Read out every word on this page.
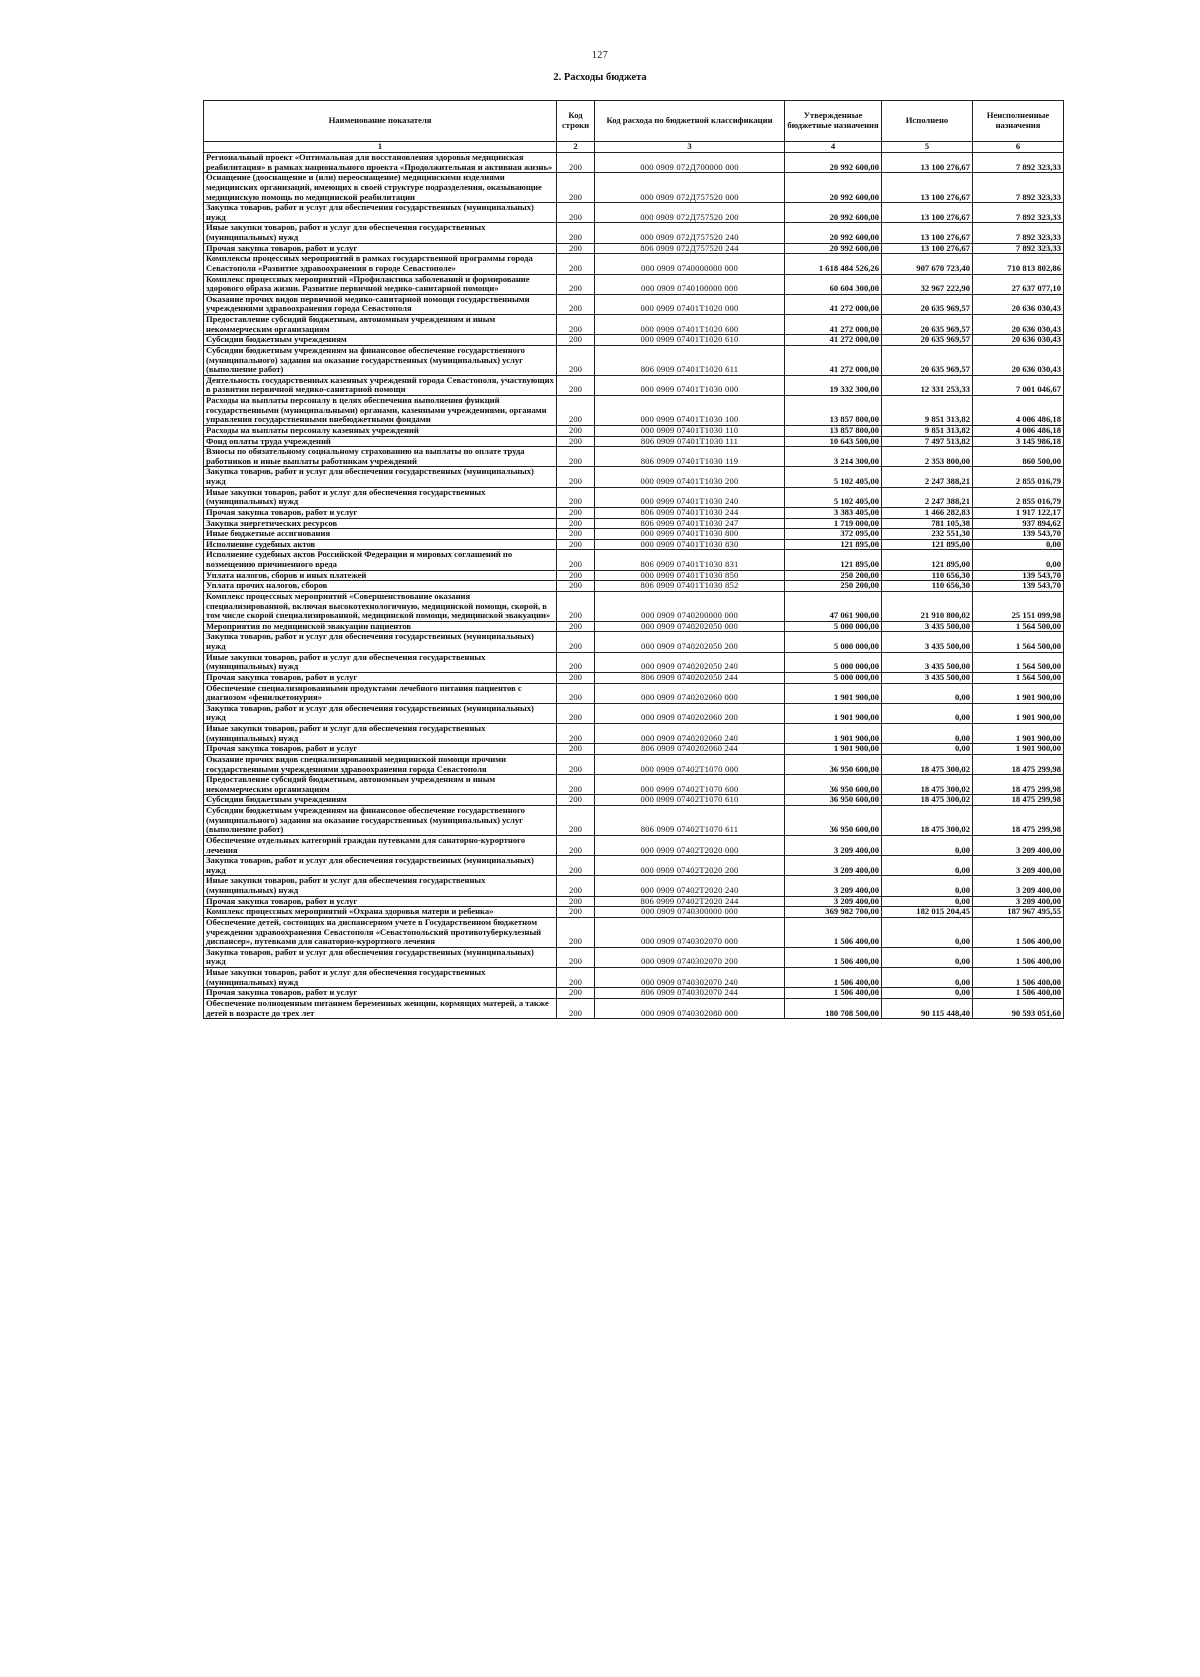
127
2. Расходы бюджета
Наименование показателя	Код строки	Код расхода по бюджетной классификации	Утвержденные бюджетные назначения	Исполнено	Неисполненные назначения
1	2	3	4	5	6
Региональный проект «Оптимальная для восстановления здоровья медицинская реабилитация» в рамках национального проекта «Продолжительная и активная жизнь»	200	000 0909 072Д700000 000	20 992 600,00	13 100 276,67	7 892 323,33
Оснащение (дооснащение и (или) переоснащение) медицинскими изделиями медицинских организаций, имеющих в своей структуре подразделения, оказывающие медицинскую помощь по медицинской реабилитации	200	000 0909 072Д757520 000	20 992 600,00	13 100 276,67	7 892 323,33
Закупка товаров, работ и услуг для обеспечения государственных (муниципальных) нужд	200	000 0909 072Д757520 200	20 992 600,00	13 100 276,67	7 892 323,33
Иные закупки товаров, работ и услуг для обеспечения государственных (муниципальных) нужд	200	000 0909 072Д757520 240	20 992 600,00	13 100 276,67	7 892 323,33
Прочая закупка товаров, работ и услуг	200	806 0909 072Д757520 244	20 992 600,00	13 100 276,67	7 892 323,33
Комплексы процессных мероприятий в рамках государственной программы города Севастополя «Развитие здравоохранения в городе Севастополе»	200	000 0909 0740000000 000	1 618 484 526,26	907 670 723,40	710 813 802,86
Комплекс процессных мероприятий «Профилактика заболеваний и формирование здорового образа жизни. Развитие первичной медико-санитарной помощи»	200	000 0909 0740100000 000	60 604 300,00	32 967 222,90	27 637 077,10
Оказание прочих видов первичной медико-санитарной помощи государственными учреждениями здравоохранения города Севастополя	200	000 0909 07401Т1020 000	41 272 000,00	20 635 969,57	20 636 030,43
Предоставление субсидий бюджетным, автономным учреждениям и иным некоммерческим организациям	200	000 0909 07401Т1020 600	41 272 000,00	20 635 969,57	20 636 030,43
Субсидии бюджетным учреждениям	200	000 0909 07401Т1020 610	41 272 000,00	20 635 969,57	20 636 030,43
Субсидии бюджетным учреждениям на финансовое обеспечение государственного (муниципального) задания на оказание государственных (муниципальных) услуг (выполнение работ)	200	806 0909 07401Т1020 611	41 272 000,00	20 635 969,57	20 636 030,43
Деятельность государственных казенных учреждений города Севастополя, участвующих в развитии первичной медико-санитарной помощи	200	000 0909 07401Т1030 000	19 332 300,00	12 331 253,33	7 001 046,67
Расходы на выплаты персоналу в целях обеспечения выполнения функций государственными (муниципальными) органами, казенными учреждениями, органами управления государственными внебюджетными фондами	200	000 0909 07401Т1030 100	13 857 800,00	9 851 313,82	4 006 486,18
Расходы на выплаты персоналу казенных учреждений	200	000 0909 07401Т1030 110	13 857 800,00	9 851 313,82	4 006 486,18
Фонд оплаты труда учреждений	200	806 0909 07401Т1030 111	10 643 500,00	7 497 513,82	3 145 986,18
Взносы по обязательному социальному страхованию на выплаты по оплате труда работников и иные выплаты работникам учреждений	200	806 0909 07401Т1030 119	3 214 300,00	2 353 800,00	860 500,00
Закупка товаров, работ и услуг для обеспечения государственных (муниципальных) нужд	200	000 0909 07401Т1030 200	5 102 405,00	2 247 388,21	2 855 016,79
Иные закупки товаров, работ и услуг для обеспечения государственных (муниципальных) нужд	200	000 0909 07401Т1030 240	5 102 405,00	2 247 388,21	2 855 016,79
Прочая закупка товаров, работ и услуг	200	806 0909 07401Т1030 244	3 383 405,00	1 466 282,83	1 917 122,17
Закупка энергетических ресурсов	200	806 0909 07401Т1030 247	1 719 000,00	781 105,38	937 894,62
Иные бюджетные ассигнования	200	000 0909 07401Т1030 800	372 095,00	232 551,30	139 543,70
Исполнение судебных актов	200	000 0909 07401Т1030 830	121 895,00	121 895,00	0,00
Исполнение судебных актов Российской Федерации и мировых соглашений по возмещению причиненного вреда	200	806 0909 07401Т1030 831	121 895,00	121 895,00	0,00
Уплата налогов, сборов и иных платежей	200	000 0909 07401Т1030 850	250 200,00	110 656,30	139 543,70
Уплата прочих налогов, сборов	200	806 0909 07401Т1030 852	250 200,00	110 656,30	139 543,70
Комплекс процессных мероприятий «Совершенствование оказания специализированной, включая высокотехнологичную, медицинской помощи, скорой, в том числе скорой специализированной, медицинской помощи, медицинской эвакуации»	200	000 0909 0740200000 000	47 061 900,00	21 910 800,02	25 151 099,98
Мероприятия по медицинской эвакуации пациентов	200	000 0909 0740202050 000	5 000 000,00	3 435 500,00	1 564 500,00
Закупка товаров, работ и услуг для обеспечения государственных (муниципальных) нужд	200	000 0909 0740202050 200	5 000 000,00	3 435 500,00	1 564 500,00
Иные закупки товаров, работ и услуг для обеспечения государственных (муниципальных) нужд	200	000 0909 0740202050 240	5 000 000,00	3 435 500,00	1 564 500,00
Прочая закупка товаров, работ и услуг	200	806 0909 0740202050 244	5 000 000,00	3 435 500,00	1 564 500,00
Обеспечение специализированными продуктами лечебного питания пациентов с диагнозом «фенилкетонурия»	200	000 0909 0740202060 000	1 901 900,00	0,00	1 901 900,00
Закупка товаров, работ и услуг для обеспечения государственных (муниципальных) нужд	200	000 0909 0740202060 200	1 901 900,00	0,00	1 901 900,00
Иные закупки товаров, работ и услуг для обеспечения государственных (муниципальных) нужд	200	000 0909 0740202060 240	1 901 900,00	0,00	1 901 900,00
Прочая закупка товаров, работ и услуг	200	806 0909 0740202060 244	1 901 900,00	0,00	1 901 900,00
Оказание прочих видов специализированной медицинской помощи прочими государственными учреждениями здравоохранения города Севастополя	200	000 0909 07402Т1070 000	36 950 600,00	18 475 300,02	18 475 299,98
Предоставление субсидий бюджетным, автономным учреждениям и иным некоммерческим организациям	200	000 0909 07402Т1070 600	36 950 600,00	18 475 300,02	18 475 299,98
Субсидии бюджетным учреждениям	200	000 0909 07402Т1070 610	36 950 600,00	18 475 300,02	18 475 299,98
Субсидии бюджетным учреждениям на финансовое обеспечение государственного (муниципального) задания на оказание государственных (муниципальных) услуг (выполнение работ)	200	806 0909 07402Т1070 611	36 950 600,00	18 475 300,02	18 475 299,98
Обеспечение отдельных категорий граждан путевками для санаторно-курортного лечения	200	000 0909 07402Т2020 000	3 209 400,00	0,00	3 209 400,00
Закупка товаров, работ и услуг для обеспечения государственных (муниципальных) нужд	200	000 0909 07402Т2020 200	3 209 400,00	0,00	3 209 400,00
Иные закупки товаров, работ и услуг для обеспечения государственных (муниципальных) нужд	200	000 0909 07402Т2020 240	3 209 400,00	0,00	3 209 400,00
Прочая закупка товаров, работ и услуг	200	806 0909 07402Т2020 244	3 209 400,00	0,00	3 209 400,00
Комплекс процессных мероприятий «Охрана здоровья матери и ребенка»	200	000 0909 0740300000 000	369 982 700,00	182 015 204,45	187 967 495,55
Обеспечение детей, состоящих на диспансерном учете в Государственном бюджетном учреждении здравоохранения Севастополя «Севастопольский противотуберкулезный диспансер», путевками для санаторно-курортного лечения	200	000 0909 0740302070 000	1 506 400,00	0,00	1 506 400,00
Закупка товаров, работ и услуг для обеспечения государственных (муниципальных) нужд	200	000 0909 0740302070 200	1 506 400,00	0,00	1 506 400,00
Иные закупки товаров, работ и услуг для обеспечения государственных (муниципальных) нужд	200	000 0909 0740302070 240	1 506 400,00	0,00	1 506 400,00
Прочая закупка товаров, работ и услуг	200	806 0909 0740302070 244	1 506 400,00	0,00	1 506 400,00
Обеспечение полноценным питанием беременных женщин, кормящих матерей, а также детей в возрасте до трех лет	200	000 0909 0740302080 000	180 708 500,00	90 115 448,40	90 593 051,60
